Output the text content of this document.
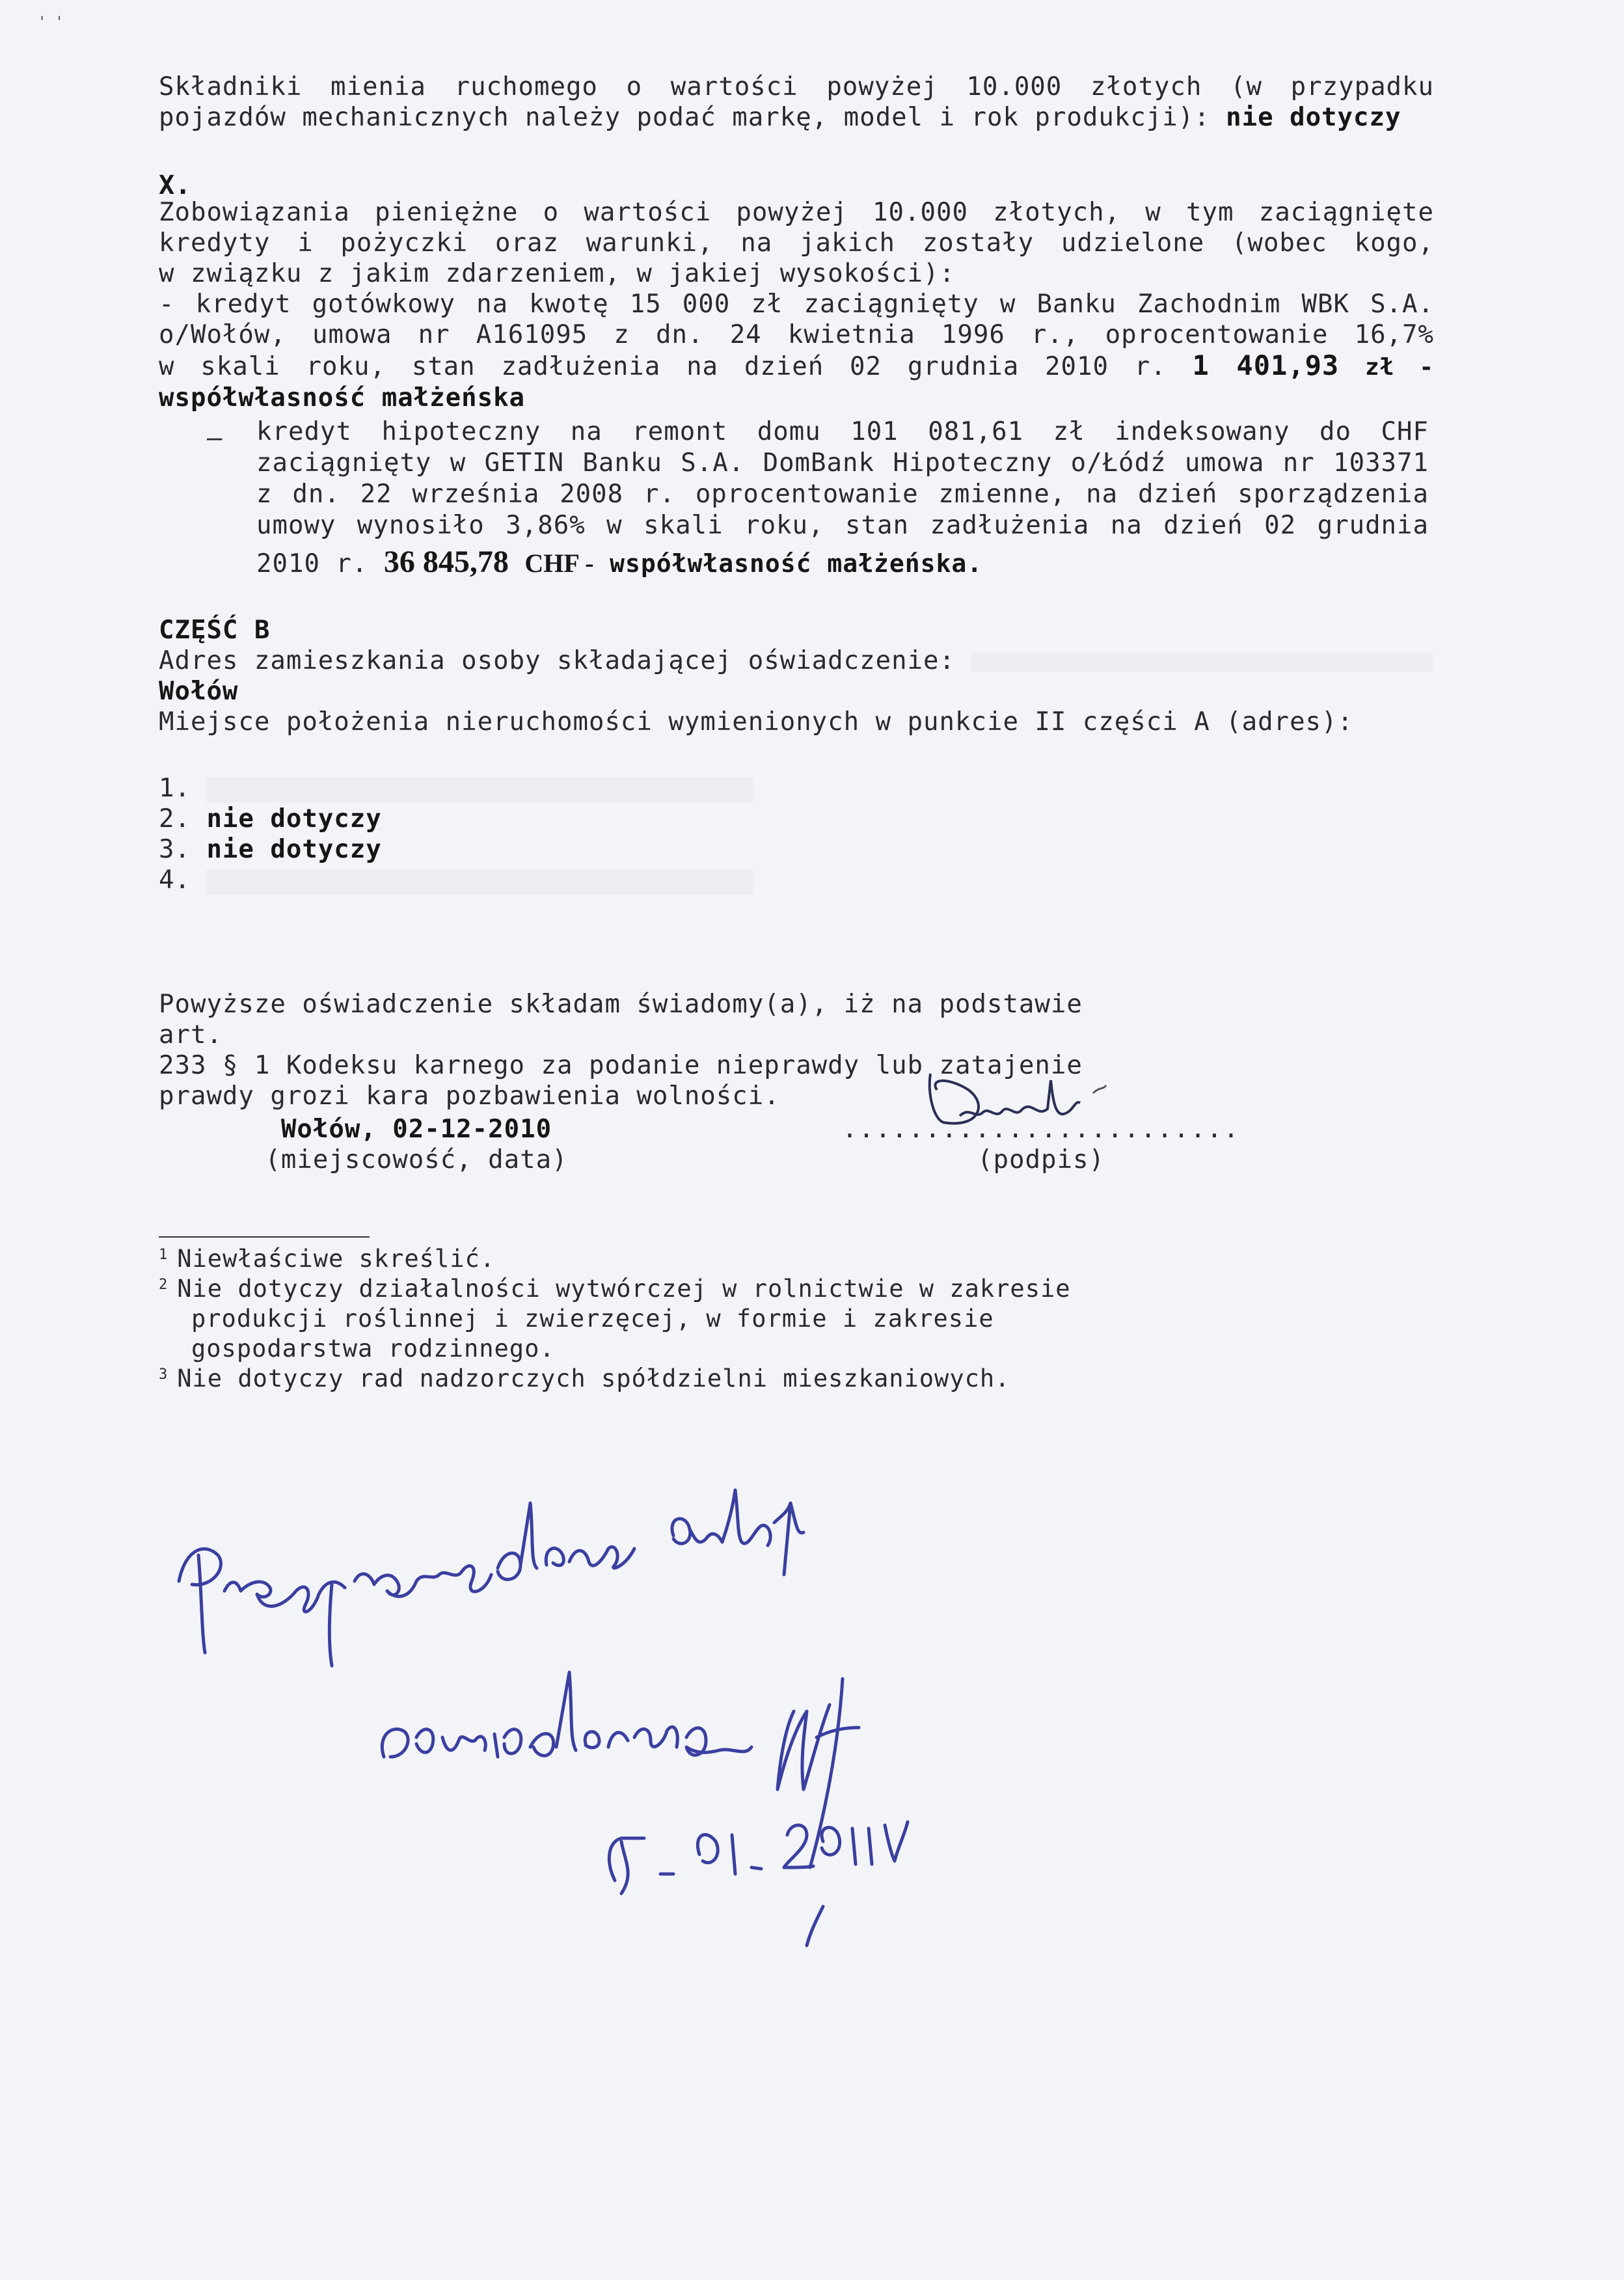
' '

Składniki mienia ruchomego o wartości powyżej 10.000 złotych (w przypadku

pojazdów mechanicznych należy podać markę, model i rok produkcji): nie dotyczy

X.

Zobowiązania pieniężne o wartości powyżej 10.000 złotych, w tym zaciągnięte

kredyty i pożyczki oraz warunki, na jakich zostały udzielone (wobec kogo,

w związku z jakim zdarzeniem, w jakiej wysokości):

- kredyt gotówkowy na kwotę 15 000 zł zaciągnięty w Banku Zachodnim WBK S.A.

o/Wołów, umowa nr A161095 z dn. 24 kwietnia 1996 r., oprocentowanie 16,7%

w skali roku, stan zadłużenia na dzień 02 grudnia 2010 r. 1 401,93 zł -

współwłasność małżeńska

– kredyt hipoteczny na remont domu 101 081,61 zł indeksowany do CHF

zaciągnięty w GETIN Banku S.A. DomBank Hipoteczny o/Łódź umowa nr 103371

z dn. 22 września 2008 r. oprocentowanie zmienne, na dzień sporządzenia

umowy wynosiło 3,86% w skali roku, stan zadłużenia na dzień 02 grudnia

2010 r. 36 845,78 CHF - współwłasność małżeńska.

CZĘŚĆ B
Adres zamieszkania osoby składającej oświadczenie:
Wołów
Miejsce położenia nieruchomości wymienionych w punkcie II części A (adres):
1.
2. nie dotyczy
3. nie dotyczy
4.
Powyższe oświadczenie składam świadomy(a), iż na podstawie art.
233 § 1 Kodeksu karnego za podanie nieprawdy lub zatajenie
prawdy grozi kara pozbawienia wolności.
Wołów, 02-12-2010
(miejscowość, data)
........................
(podpis)
$^1$ Niewłaściwe skreślić.
$^2$ Nie dotyczy działalności wytwórczej w rolnictwie w zakresie
produkcji roślinnej i zwierzęcej, w formie i zakresie
gospodarstwa rodzinnego.
$^3$ Nie dotyczy rad nadzorczych spółdzielni mieszkaniowych.
